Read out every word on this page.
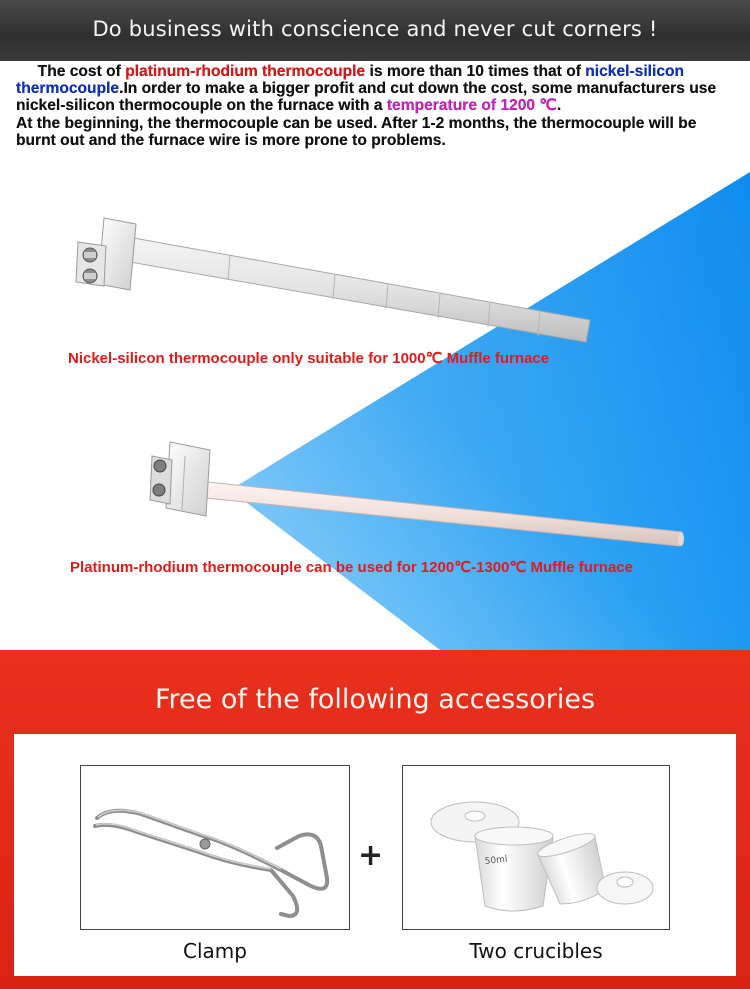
Do business with conscience and never cut corners !
The cost of platinum-rhodium thermocouple is more than 10 times that of nickel-silicon thermocouple.In order to make a bigger profit and cut down the cost, some manufacturers use nickel-silicon thermocouple on the furnace with a temperature of 1200 ℃.
At the beginning, the thermocouple can be used. After 1-2 months, the thermocouple will be burnt out and the furnace wire is more prone to problems.
Nickel-silicon thermocouple only suitable for 1000℃ Muffle furnace
Platinum-rhodium thermocouple can be used for 1200℃-1300℃ Muffle furnace
Free of the following accessories
Clamp
+	50ml
Two crucibles
